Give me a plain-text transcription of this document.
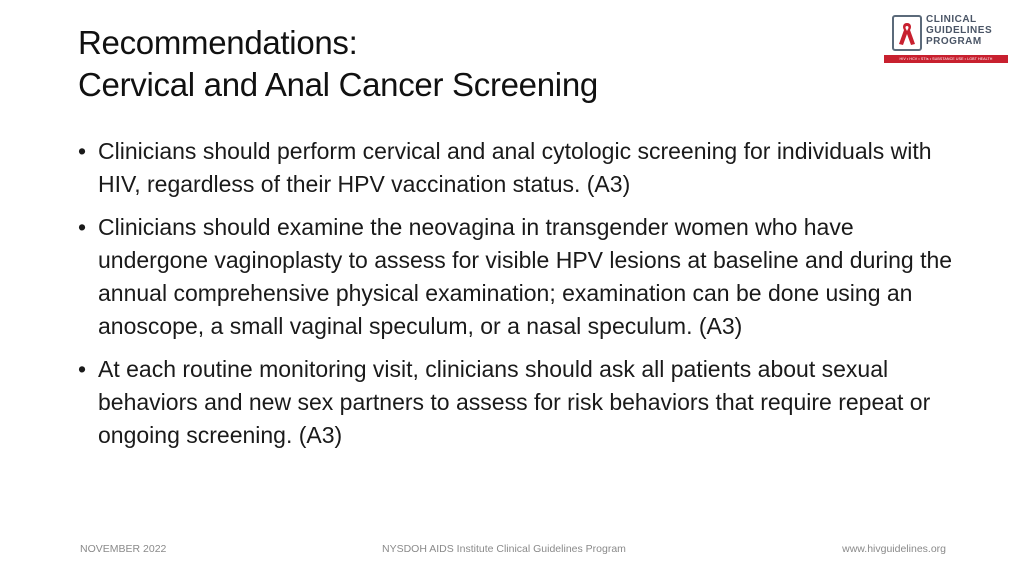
Recommendations:
Cervical and Anal Cancer Screening
CLINICAL
GUIDELINES
PROGRAM
HIV • HCV • STIs • SUBSTANCE USE • LGBT HEALTH
• Clinicians should perform cervical and anal cytologic screening for individuals with HIV, regardless of their HPV vaccination status. (A3)
• Clinicians should examine the neovagina in transgender women who have undergone vaginoplasty to assess for visible HPV lesions at baseline and during the annual comprehensive physical examination; examination can be done using an anoscope, a small vaginal speculum, or a nasal speculum. (A3)
• At each routine monitoring visit, clinicians should ask all patients about sexual behaviors and new sex partners to assess for risk behaviors that require repeat or ongoing screening. (A3)
NOVEMBER 2022	NYSDOH AIDS Institute Clinical Guidelines Program	www.hivguidelines.org
